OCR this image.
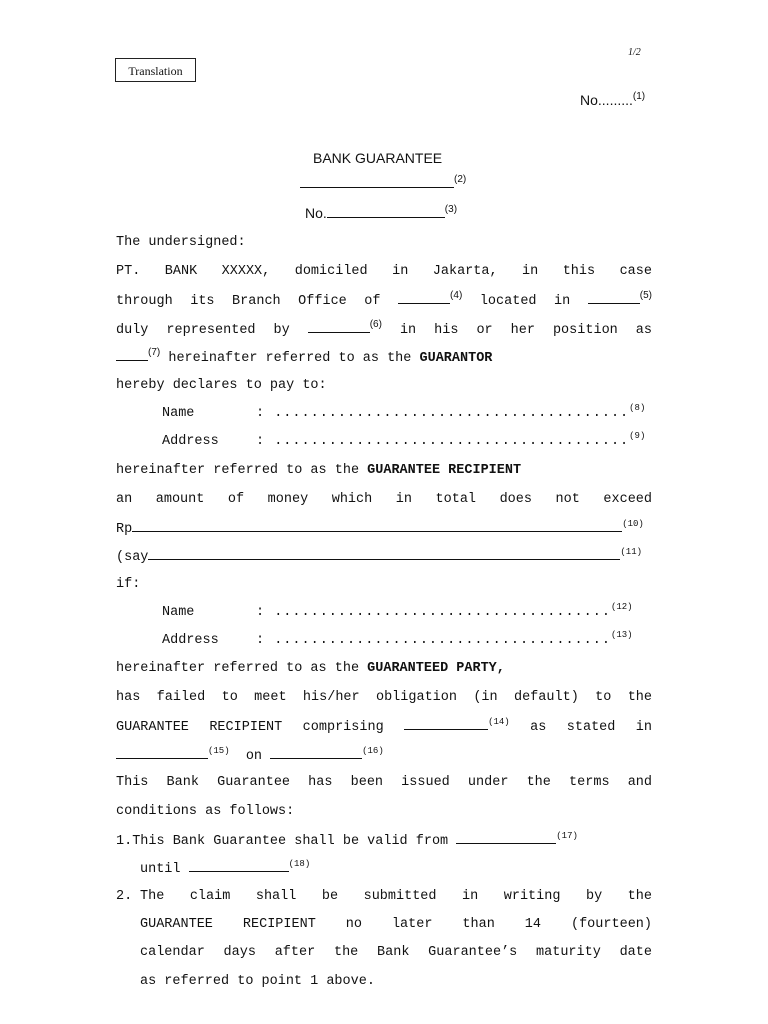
1/2
Translation
No.........$^{(1)}$
BANK GUARANTEE
$^{(2)}$
No.	$^{(3)}$
The undersigned:
PT. BANK XXXXX, domiciled in Jakarta, in this case
through its Branch Office of	$^{(4)}$ located in	$^{(5)}$
duly represented by	$^{(6)}$ in his or her position as
$^{(7)}$ hereinafter referred to as the GUARANTOR
hereby declares to pay to:
Name	: .......................................$^{(8)}$
Address	: .......................................$^{(9)}$
hereinafter referred to as the GUARANTEE RECIPIENT
an amount of money which in total does not exceed
Rp	$^{(10)}$
(say	$^{(11)}$
if:
Name	: .....................................$^{(12)}$
Address	: .....................................$^{(13)}$
hereinafter referred to as the GUARANTEED PARTY,
has failed to meet his/her obligation (in default) to the
GUARANTEE RECIPIENT comprising	$^{(14)}$ as stated in
$^{(15)}$ on	$^{(16)}$
This Bank Guarantee has been issued under the terms and
conditions as follows:
1.This Bank Guarantee shall be valid from	$^{(17)}$
until	$^{(18)}$
2. The claim shall be submitted in writing by the
GUARANTEE RECIPIENT no later than 14 (fourteen)
calendar days after the Bank Guarantee’s maturity date
as referred to point 1 above.
